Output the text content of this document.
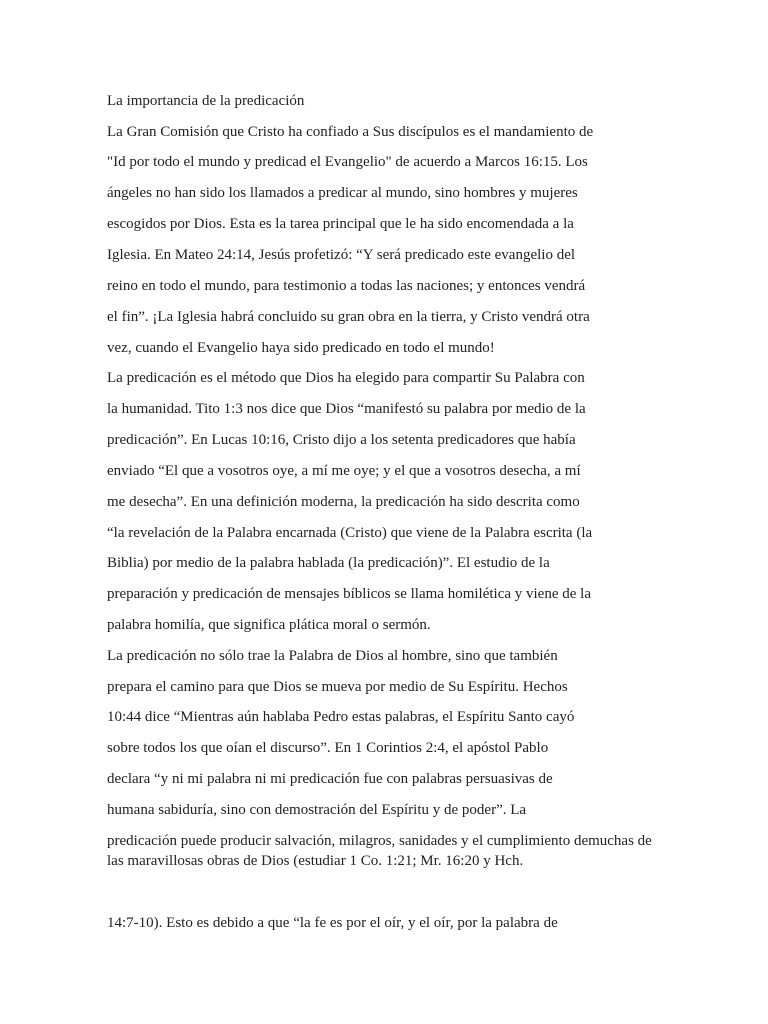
La importancia de la predicación
La Gran Comisión que Cristo ha confiado a Sus discípulos es el mandamiento de
"Id por todo el mundo y predicad el Evangelio" de acuerdo a Marcos 16:15. Los
ángeles no han sido los llamados a predicar al mundo, sino hombres y mujeres
escogidos por Dios. Esta es la tarea principal que le ha sido encomendada a la
Iglesia. En Mateo 24:14, Jesús profetizó: “Y será predicado este evangelio del
reino en todo el mundo, para testimonio a todas las naciones; y entonces vendrá
el fin”. ¡La Iglesia habrá concluido su gran obra en la tierra, y Cristo vendrá otra
vez, cuando el Evangelio haya sido predicado en todo el mundo!
La predicación es el método que Dios ha elegido para compartir Su Palabra con
la humanidad. Tito 1:3 nos dice que Dios “manifestó su palabra por medio de la
predicación”. En Lucas 10:16, Cristo dijo a los setenta predicadores que había
enviado “El que a vosotros oye, a mí me oye; y el que a vosotros desecha, a mí
me desecha”. En una definición moderna, la predicación ha sido descrita como
“la revelación de la Palabra encarnada (Cristo) que viene de la Palabra escrita (la
Biblia) por medio de la palabra hablada (la predicación)”. El estudio de la
preparación y predicación de mensajes bíblicos se llama homilética y viene de la
palabra homilía, que significa plática moral o sermón.
La predicación no sólo trae la Palabra de Dios al hombre, sino que también
prepara el camino para que Dios se mueva por medio de Su Espíritu. Hechos
10:44 dice “Mientras aún hablaba Pedro estas palabras, el Espíritu Santo cayó
sobre todos los que oían el discurso”. En 1 Corintios 2:4, el apóstol Pablo
declara “y ni mi palabra ni mi predicación fue con palabras persuasivas de
humana sabiduría, sino con demostración del Espíritu y de poder”. La
predicación puede producir salvación, milagros, sanidades y el cumplimiento demuchas de
las maravillosas obras de Dios (estudiar 1 Co. 1:21; Mr. 16:20 y Hch.
14:7-10). Esto es debido a que “la fe es por el oír, y el oír, por la palabra de
